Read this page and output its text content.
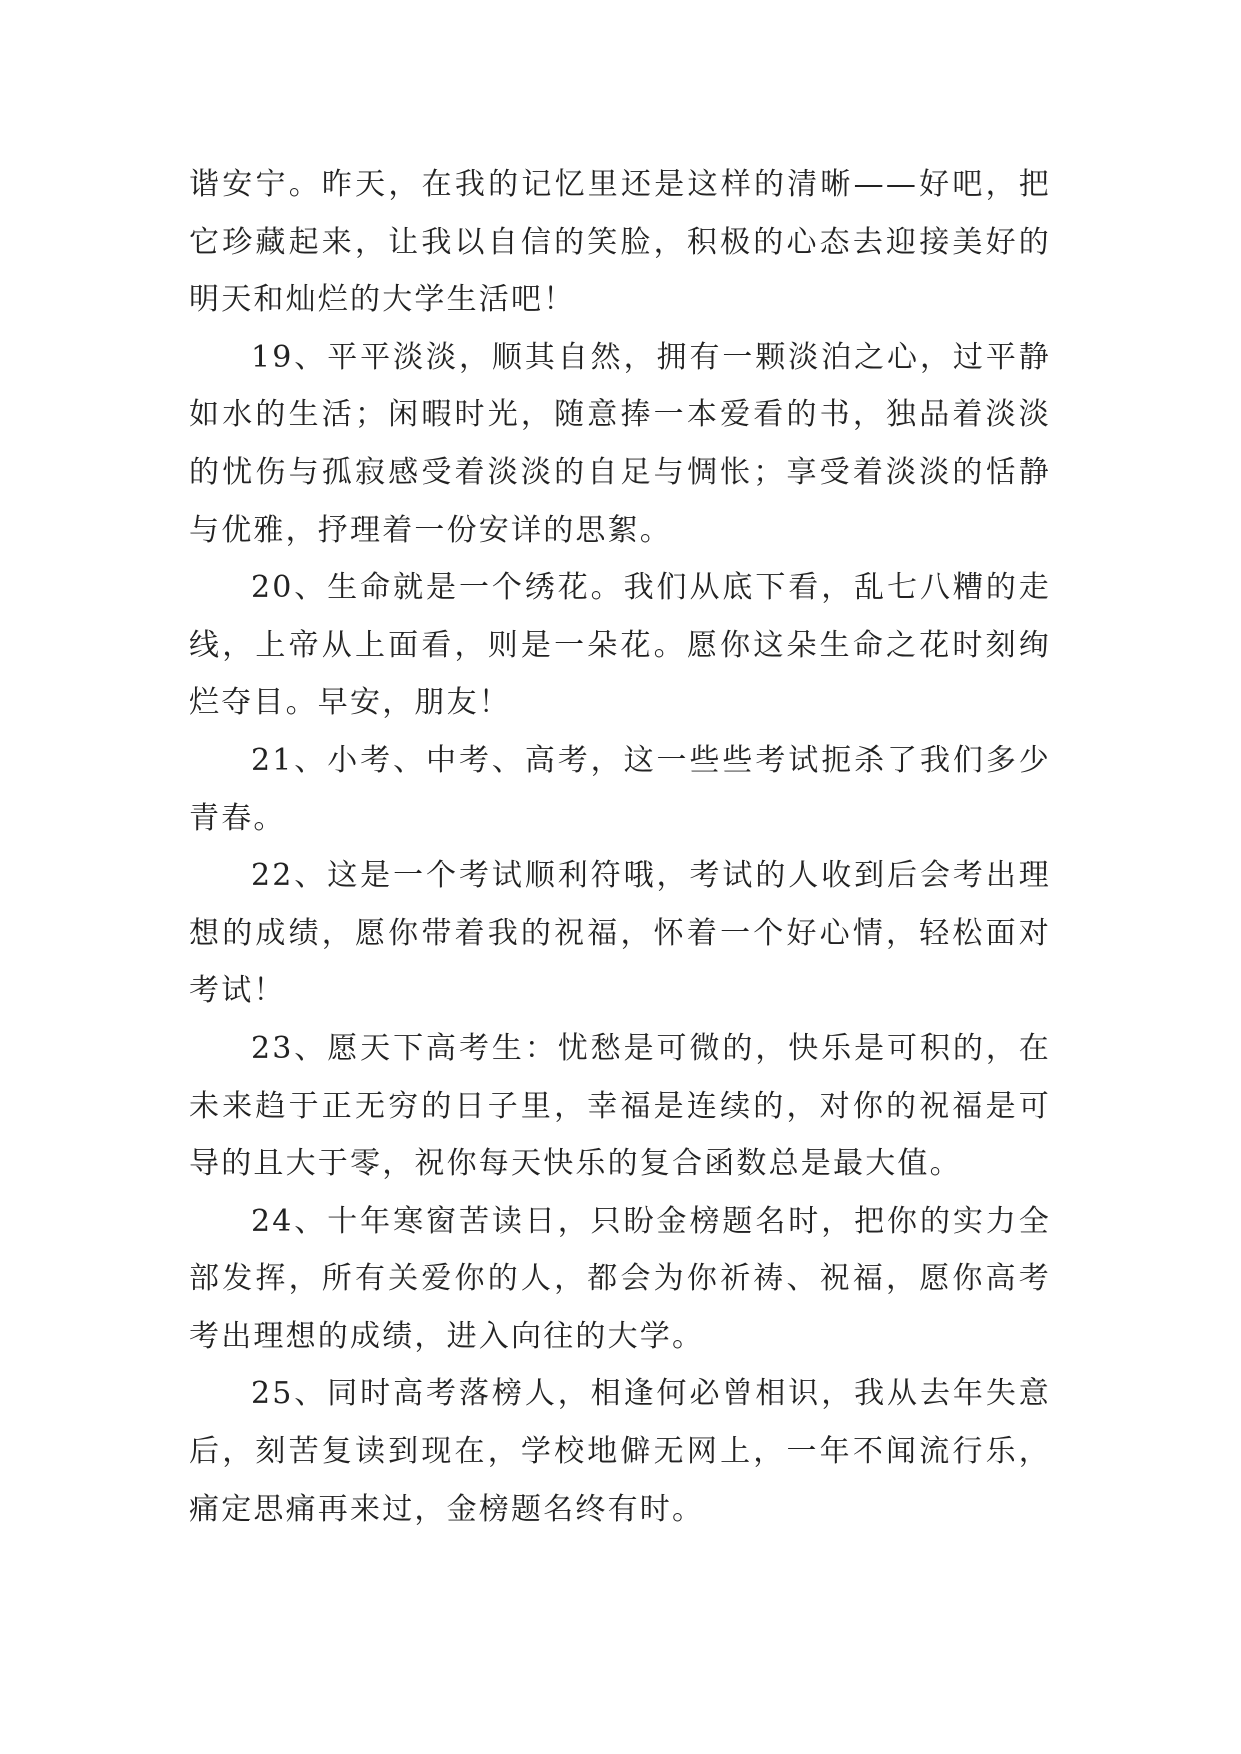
谐安宁。昨天，在我的记忆里还是这样的清晰——好吧，把它珍藏起来，让我以自信的笑脸，积极的心态去迎接美好的明天和灿烂的大学生活吧！

19、平平淡淡，顺其自然，拥有一颗淡泊之心，过平静如水的生活；闲暇时光，随意捧一本爱看的书，独品着淡淡的忧伤与孤寂感受着淡淡的自足与惆怅；享受着淡淡的恬静与优雅，抒理着一份安详的思絮。

20、生命就是一个绣花。我们从底下看，乱七八糟的走线，上帝从上面看，则是一朵花。愿你这朵生命之花时刻绚烂夺目。早安，朋友！

21、小考、中考、高考，这一些些考试扼杀了我们多少青春。

22、这是一个考试顺利符哦，考试的人收到后会考出理想的成绩，愿你带着我的祝福，怀着一个好心情，轻松面对考试！

23、愿天下高考生：忧愁是可微的，快乐是可积的，在未来趋于正无穷的日子里，幸福是连续的，对你的祝福是可导的且大于零，祝你每天快乐的复合函数总是最大值。

24、十年寒窗苦读日，只盼金榜题名时，把你的实力全部发挥，所有关爱你的人，都会为你祈祷、祝福，愿你高考考出理想的成绩，进入向往的大学。

25、同时高考落榜人，相逢何必曾相识，我从去年失意后，刻苦复读到现在，学校地僻无网上，一年不闻流行乐，痛定思痛再来过，金榜题名终有时。
